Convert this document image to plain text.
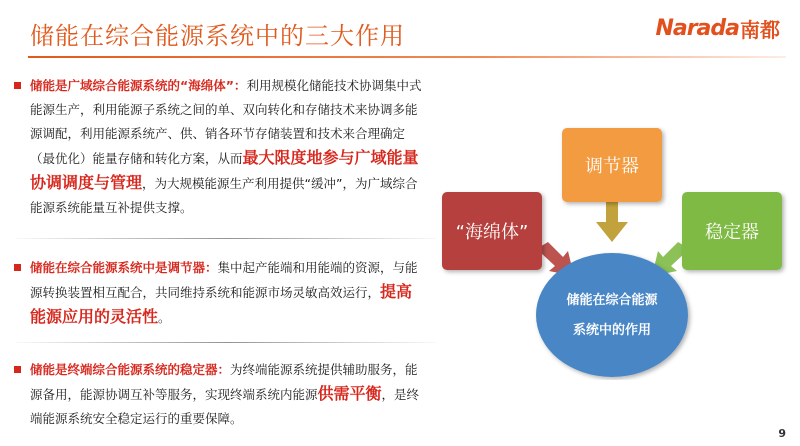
储能在综合能源系统中的三大作用	Narada 南都
储能是广域综合能源系统的“海绵体”：利用规模化储能技术协调集中式能源生产，利用能源子系统之间的单、双向转化和存储技术来协调多能源调配，利用能源系统产、供、销各环节存储装置和技术来合理确定（最优化）能量存储和转化方案，从而最大限度地参与广域能量协调调度与管理，为大规模能源生产利用提供“缓冲”，为广域综合能源系统能量互补提供支撑。
储能在综合能源系统中是调节器：集中起产能端和用能端的资源，与能源转换装置相互配合，共同维持系统和能源市场灵敏高效运行，提高能源应用的灵活性。
储能是终端综合能源系统的稳定器：为终端能源系统提供辅助服务，能源备用，能源协调互补等服务，实现终端系统内能源供需平衡，是终端能源系统安全稳定运行的重要保障。
“海绵体”
调节器
稳定器
储能在综合能源
系统中的作用
9
